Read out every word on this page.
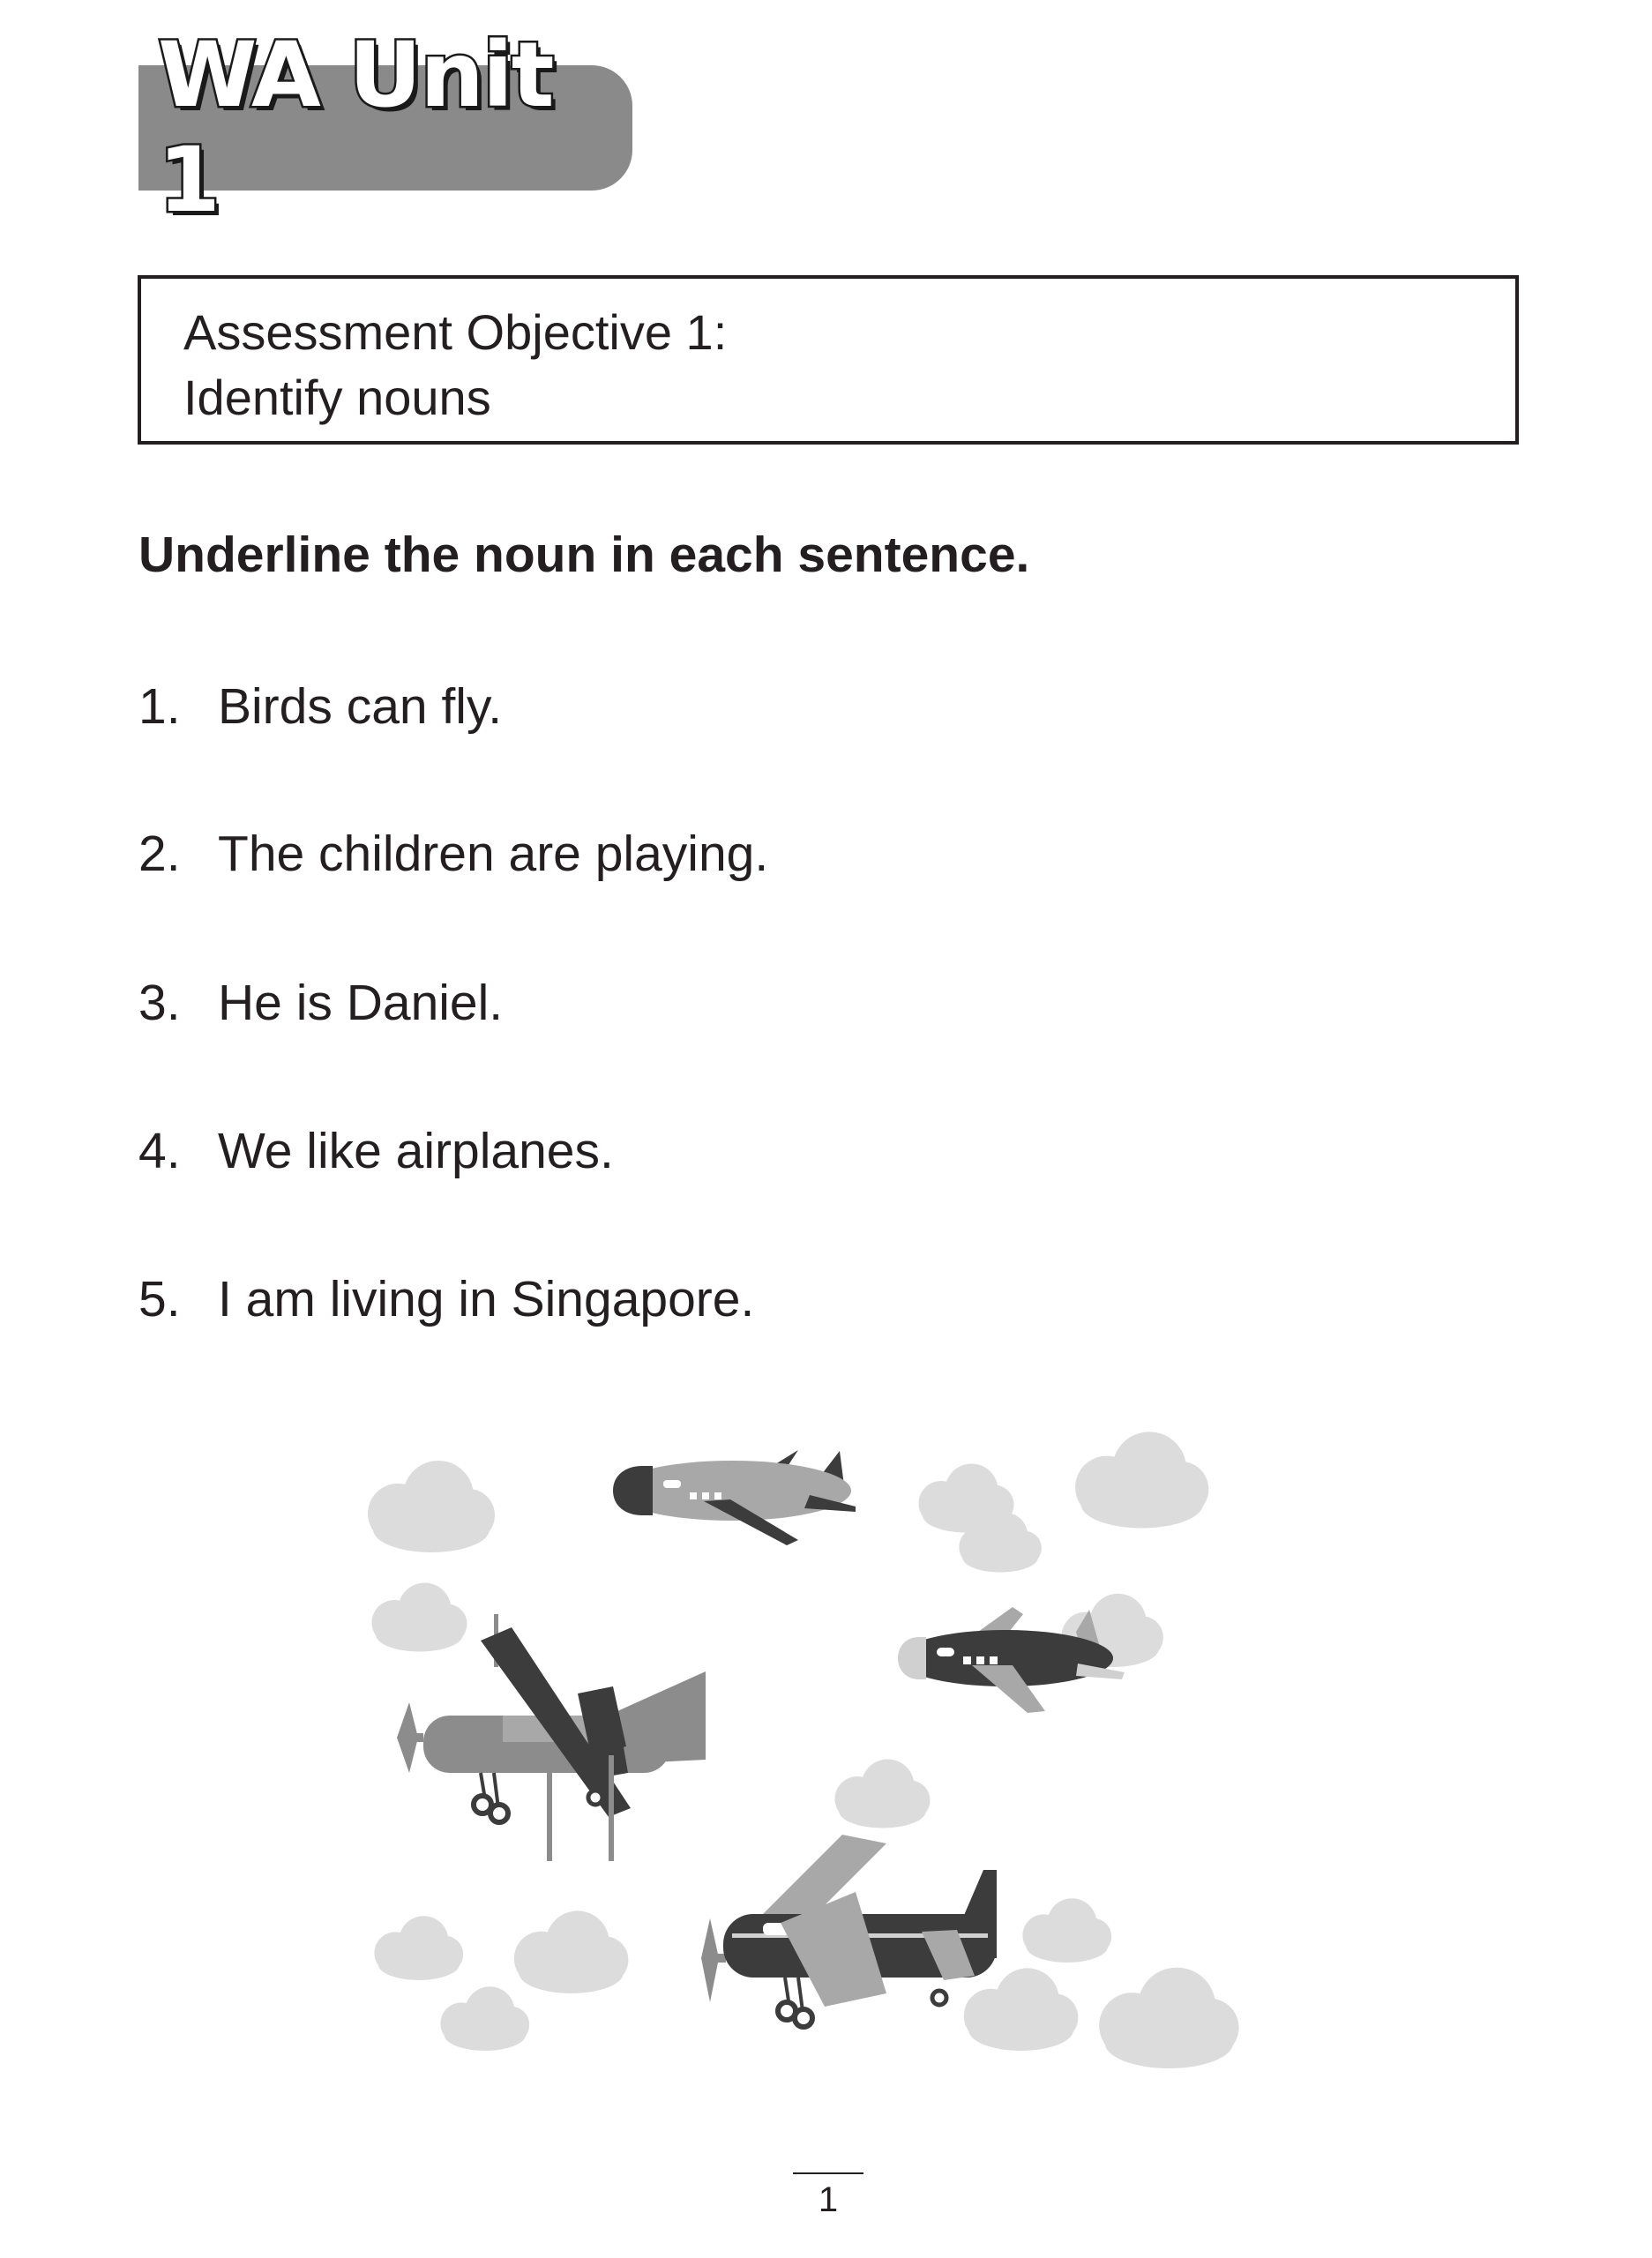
WA Unit 1
Assessment Objective 1:
Identify nouns
Underline the noun in each sentence.
1. Birds can fly.
2. The children are playing.
3. He is Daniel.
4. We like airplanes.
5. I am living in Singapore.
1
